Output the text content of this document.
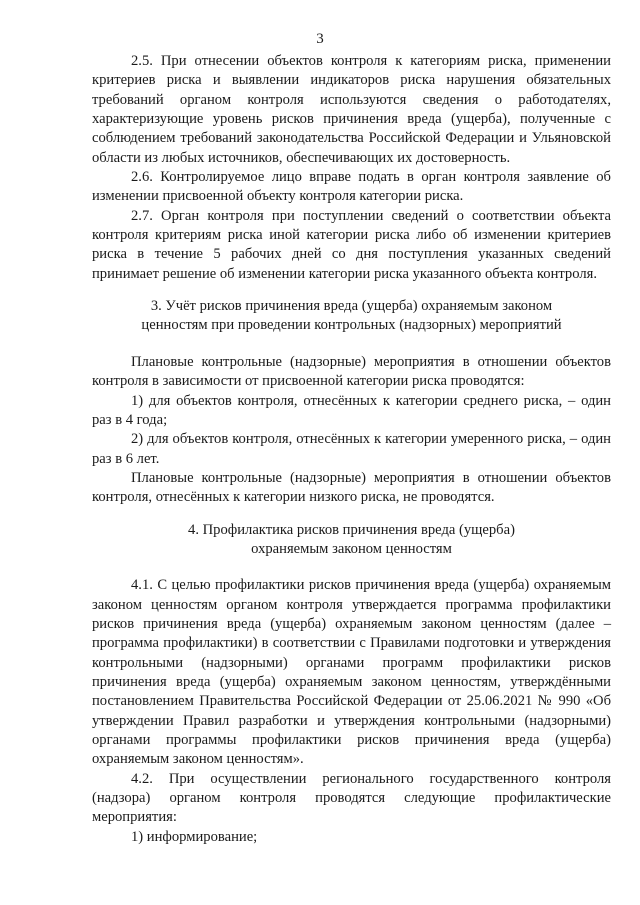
3

2.5. При отнесении объектов контроля к категориям риска, применении критериев риска и выявлении индикаторов риска нарушения обязательных требований органом контроля используются сведения о работодателях, характеризующие уровень рисков причинения вреда (ущерба), полученные с соблюдением требований законодательства Российской Федерации и Ульяновской области из любых источников, обеспечивающих их достоверность.

2.6. Контролируемое лицо вправе подать в орган контроля заявление об изменении присвоенной объекту контроля категории риска.

2.7. Орган контроля при поступлении сведений о соответствии объекта контроля критериям риска иной категории риска либо об изменении критериев риска в течение 5 рабочих дней со дня поступления указанных сведений принимает решение об изменении категории риска указанного объекта контроля.

3. Учёт рисков причинения вреда (ущерба) охраняемым законом
ценностям при проведении контрольных (надзорных) мероприятий

Плановые контрольные (надзорные) мероприятия в отношении объектов контроля в зависимости от присвоенной категории риска проводятся:

1) для объектов контроля, отнесённых к категории среднего риска, – один раз в 4 года;

2) для объектов контроля, отнесённых к категории умеренного риска, – один раз в 6 лет.

Плановые контрольные (надзорные) мероприятия в отношении объектов контроля, отнесённых к категории низкого риска, не проводятся.

4. Профилактика рисков причинения вреда (ущерба)
охраняемым законом ценностям

4.1. С целью профилактики рисков причинения вреда (ущерба) охраняемым законом ценностям органом контроля утверждается программа профилактики рисков причинения вреда (ущерба) охраняемым законом ценностям (далее – программа профилактики) в соответствии с Правилами подготовки и утверждения контрольными (надзорными) органами программ профилактики рисков причинения вреда (ущерба) охраняемым законом ценностям, утверждёнными постановлением Правительства Российской Федерации от 25.06.2021 № 990 «Об утверждении Правил разработки и утверждения контрольными (надзорными) органами программы профилактики рисков причинения вреда (ущерба) охраняемым законом ценностям».

4.2. При осуществлении регионального государственного контроля (надзора) органом контроля проводятся следующие профилактические мероприятия:

1) информирование;
